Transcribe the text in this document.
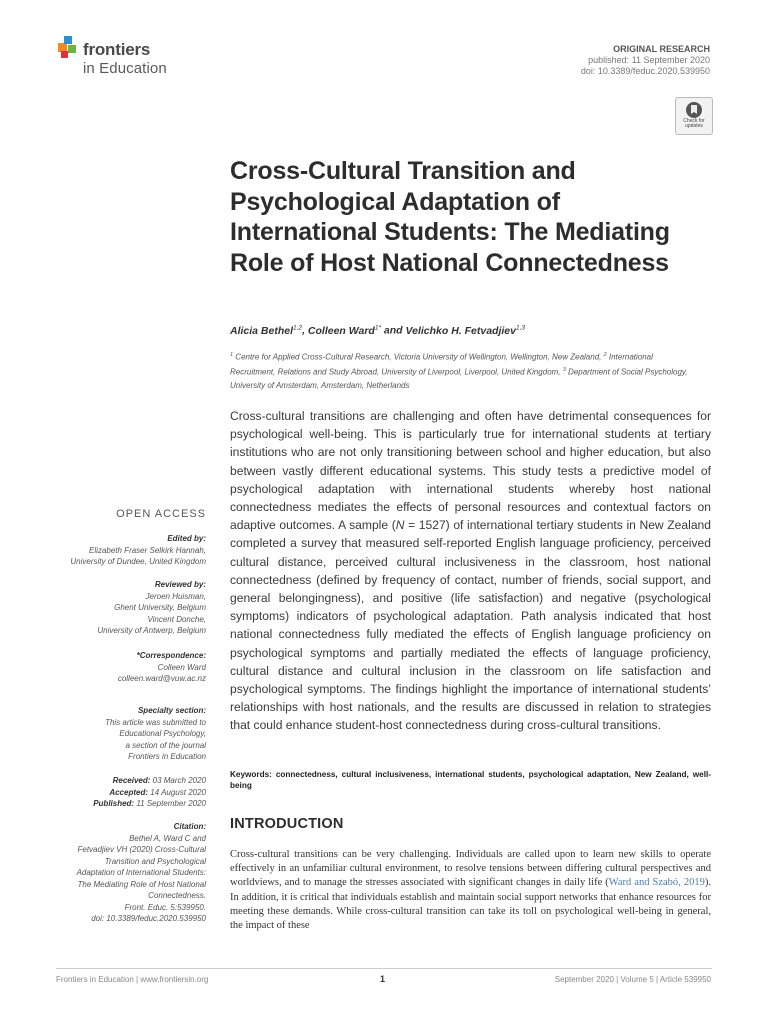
frontiers
in Education
ORIGINAL RESEARCH
published: 11 September 2020
doi: 10.3389/feduc.2020.539950
Check for
updates
Cross-Cultural Transition and Psychological Adaptation of International Students: The Mediating Role of Host National Connectedness
Alicia Bethel$^{1,2}$, Colleen Ward$^{1*}$ and Velichko H. Fetvadjiev$^{1,3}$
$^1$ Centre for Applied Cross-Cultural Research, Victoria University of Wellington, Wellington, New Zealand, $^2$ International Recruitment, Relations and Study Abroad, University of Liverpool, Liverpool, United Kingdom, $^3$ Department of Social Psychology, University of Amsterdam, Amsterdam, Netherlands

Cross-cultural transitions are challenging and often have detrimental consequences for psychological well-being. This is particularly true for international students at tertiary institutions who are not only transitioning between school and higher education, but also between vastly different educational systems. This study tests a predictive model of psychological adaptation with international students whereby host national connectedness mediates the effects of personal resources and contextual factors on adaptive outcomes. A sample (N = 1527) of international tertiary students in New Zealand completed a survey that measured self-reported English language proficiency, perceived cultural distance, perceived cultural inclusiveness in the classroom, host national connectedness (defined by frequency of contact, number of friends, social support, and general belongingness), and positive (life satisfaction) and negative (psychological symptoms) indicators of psychological adaptation. Path analysis indicated that host national connectedness fully mediated the effects of English language proficiency on psychological symptoms and partially mediated the effects of language proficiency, cultural distance and cultural inclusion in the classroom on life satisfaction and psychological symptoms. The findings highlight the importance of international students’ relationships with host nationals, and the results are discussed in relation to strategies that could enhance student-host connectedness during cross-cultural transitions.

Keywords: connectedness, cultural inclusiveness, international students, psychological adaptation, New Zealand, well-being
OPEN ACCESS
Edited by:
Elizabeth Fraser Selkirk Hannah,
University of Dundee, United Kingdom
Reviewed by:
Jeroen Huisman,
Ghent University, Belgium
Vincent Donche,
University of Antwerp, Belgium
*Correspondence:
Colleen Ward
colleen.ward@vuw.ac.nz
Specialty section:
This article was submitted to
Educational Psychology,
a section of the journal
Frontiers in Education
Received: 03 March 2020
Accepted: 14 August 2020
Published: 11 September 2020
Citation:
Bethel A, Ward C and
Fetvadjiev VH (2020) Cross-Cultural
Transition and Psychological
Adaptation of International Students:
The Mediating Role of Host National
Connectedness.
Front. Educ. 5:539950.
doi: 10.3389/feduc.2020.539950
INTRODUCTION

Cross-cultural transitions can be very challenging. Individuals are called upon to learn new skills to operate effectively in an unfamiliar cultural environment, to resolve tensions between differing cultural perspectives and worldviews, and to manage the stresses associated with significant changes in daily life (Ward and Szabó, 2019). In addition, it is critical that individuals establish and maintain social support networks that enhance resources for meeting these demands. While cross-cultural transition can take its toll on psychological well-being in general, the impact of these

Frontiers in Education | www.frontiersin.org	1	September 2020 | Volume 5 | Article 539950
